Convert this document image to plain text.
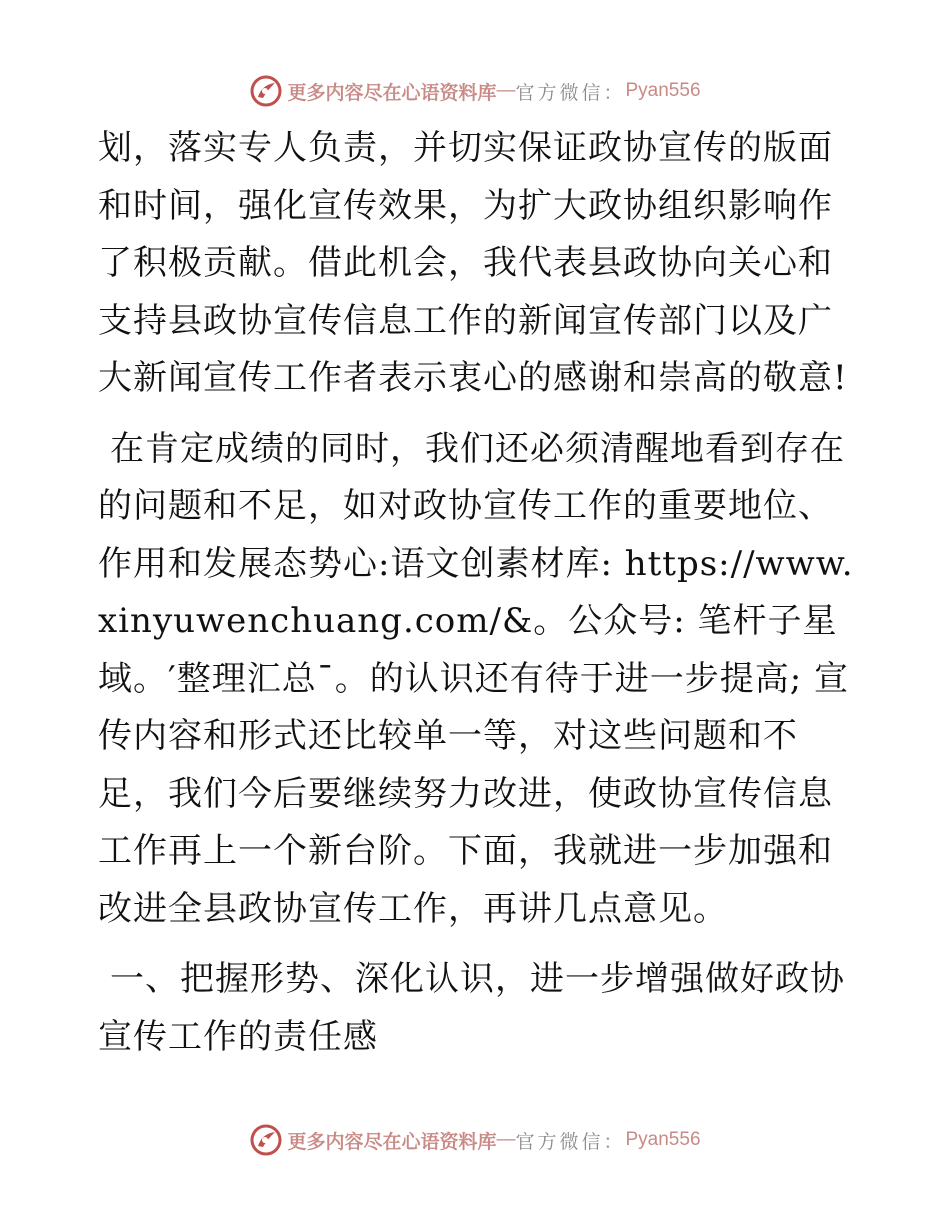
更多内容尽在心语资料库 — 官方微信： Pyan556

划，落实专人负责，并切实保证政协宣传的版面和时间，强化宣传效果，为扩大政协组织影响作了积极贡献。借此机会，我代表县政协向关心和支持县政协宣传信息工作的新闻宣传部门以及广大新闻宣传工作者表示衷心的感谢和崇高的敬意!

在肯定成绩的同时，我们还必须清醒地看到存在的问题和不足，如对政协宣传工作的重要地位、作用和发展态势心:语文创素材库: https://www.xinyuwenchuang.com/&。公众号: 笔杆子星域。′整理汇总¯。的认识还有待于进一步提高; 宣传内容和形式还比较单一等，对这些问题和不足，我们今后要继续努力改进，使政协宣传信息工作再上一个新台阶。下面，我就进一步加强和改进全县政协宣传工作，再讲几点意见。

一、把握形势、深化认识，进一步增强做好政协宣传工作的责任感

更多内容尽在心语资料库 — 官方微信： Pyan556
